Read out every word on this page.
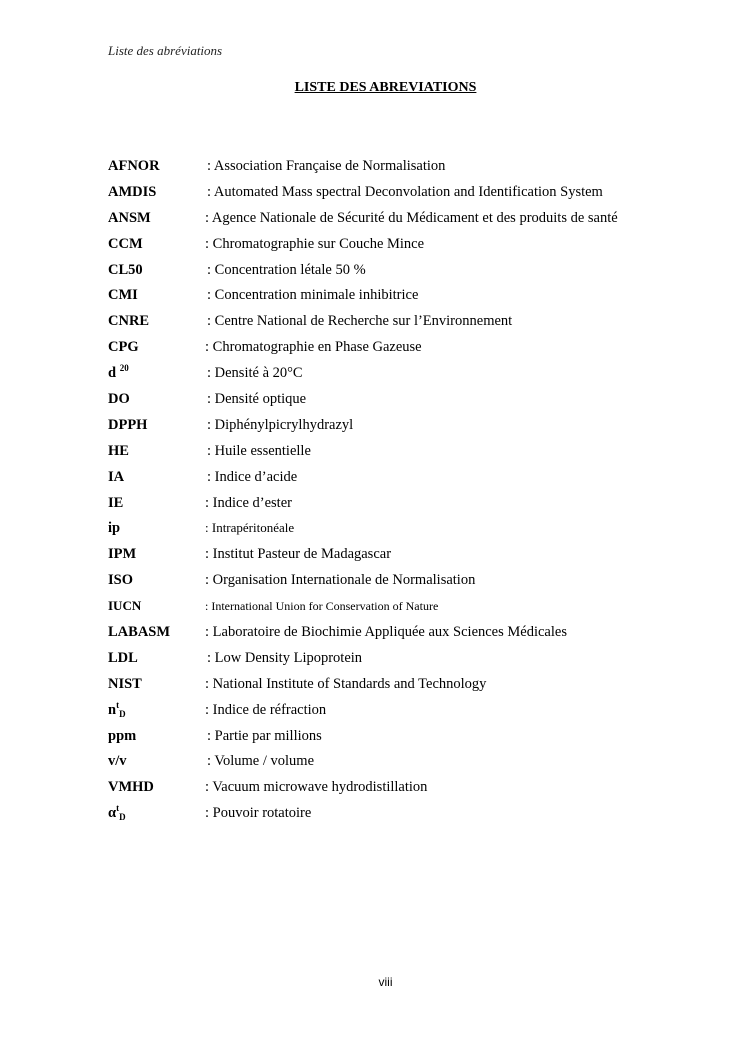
Liste des abréviations
LISTE DES ABREVIATIONS
AFNOR	: Association Française de Normalisation
AMDIS	: Automated Mass spectral Deconvolation and Identification System
ANSM	: Agence Nationale de Sécurité du Médicament et des produits de santé
CCM	: Chromatographie sur Couche Mince
CL50	: Concentration létale 50 %
CMI	: Concentration minimale inhibitrice
CNRE	: Centre National de Recherche sur l’Environnement
CPG	: Chromatographie en Phase Gazeuse
d $^{20}$	: Densité à 20°C
DO	: Densité optique
DPPH	: Diphénylpicrylhydrazyl
HE	: Huile essentielle
IA	: Indice d’acide
IE	: Indice d’ester
ip	: Intrapéritonéale
IPM	: Institut Pasteur de Madagascar
ISO	: Organisation Internationale de Normalisation
IUCN	: International Union for Conservation of Nature
LABASM : Laboratoire de Biochimie Appliquée aux Sciences Médicales
LDL	: Low Density Lipoprotein
NIST	: National Institute of Standards and Technology
$n^t_D$	: Indice de réfraction
ppm	: Partie par millions
v/v	: Volume / volume
VMHD	: Vacuum microwave hydrodistillation
$\alpha^t_D$	: Pouvoir rotatoire
viii
